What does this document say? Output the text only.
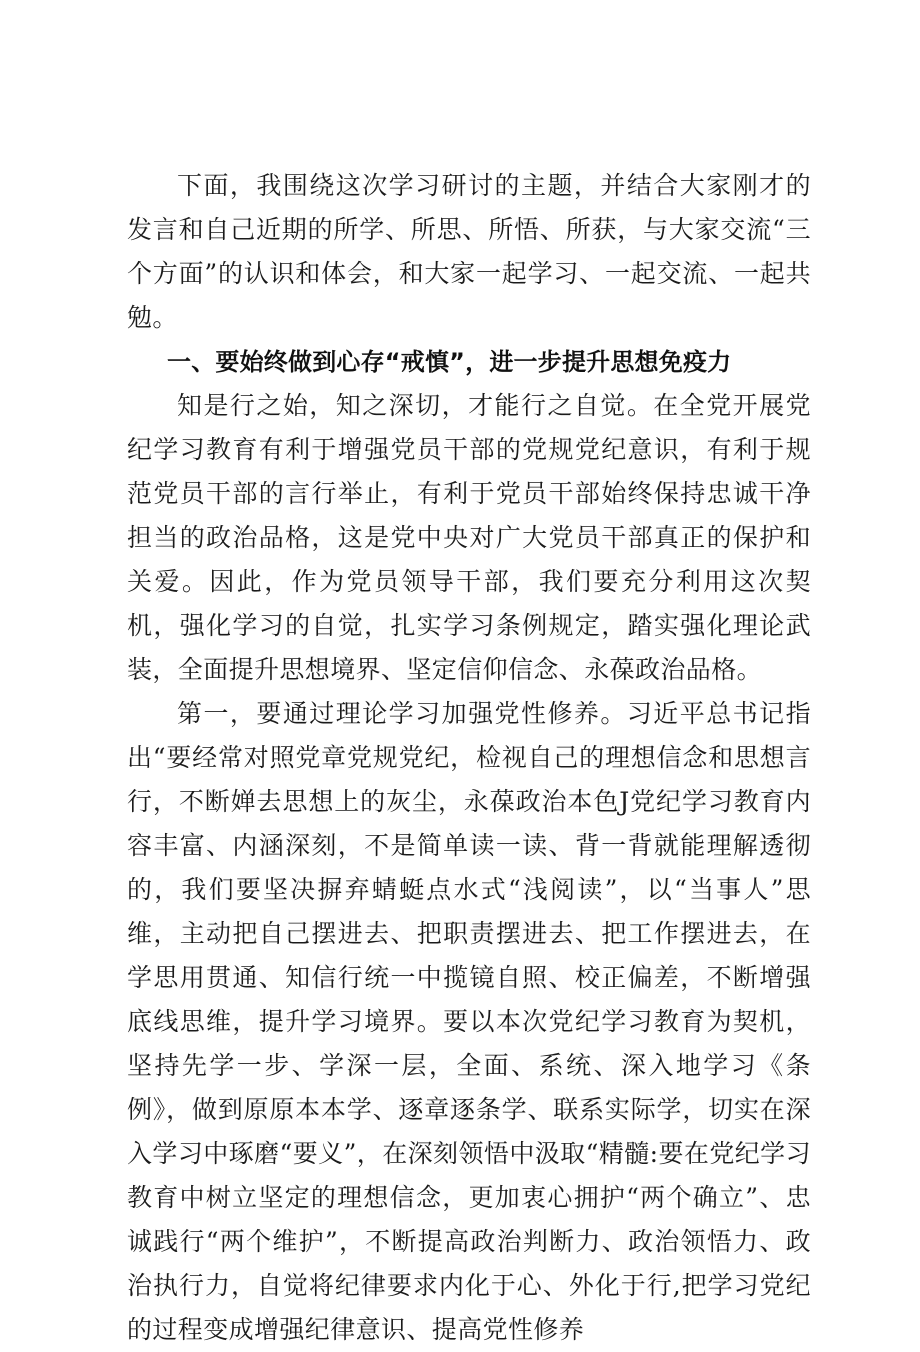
下面，我围绕这次学习研讨的主题，并结合大家刚才的发言和自己近期的所学、所思、所悟、所获，与大家交流“三个方面”的认识和体会，和大家一起学习、一起交流、一起共勉。

一、要始终做到心存“戒慎”，进一步提升思想免疫力

知是行之始，知之深切，才能行之自觉。在全党开展党纪学习教育有利于增强党员干部的党规党纪意识，有利于规范党员干部的言行举止，有利于党员干部始终保持忠诚干净担当的政治品格，这是党中央对广大党员干部真正的保护和关爱。因此，作为党员领导干部，我们要充分利用这次契机，强化学习的自觉，扎实学习条例规定，踏实强化理论武装，全面提升思想境界、坚定信仰信念、永葆政治品格。

第一，要通过理论学习加强党性修养。习近平总书记指出“要经常对照党章党规党纪，检视自己的理想信念和思想言行，不断婵去思想上的灰尘，永葆政治本色J党纪学习教育内容丰富、内涵深刻，不是简单读一读、背一背就能理解透彻的，我们要坚决摒弃蜻蜓点水式“浅阅读”，以“当事人”思维，主动把自己摆进去、把职责摆进去、把工作摆进去，在学思用贯通、知信行统一中揽镜自照、校正偏差，不断增强底线思维，提升学习境界。要以本次党纪学习教育为契机，坚持先学一步、学深一层，全面、系统、深入地学习《条例》，做到原原本本学、逐章逐条学、联系实际学，切实在深入学习中琢磨“要义”，在深刻领悟中汲取“精髓:要在党纪学习教育中树立坚定的理想信念，更加衷心拥护“两个确立”、忠诚践行“两个维护”，不断提高政治判断力、政治领悟力、政治执行力，自觉将纪律要求内化于心、外化于行,把学习党纪的过程变成增强纪律意识、提高党性修养
